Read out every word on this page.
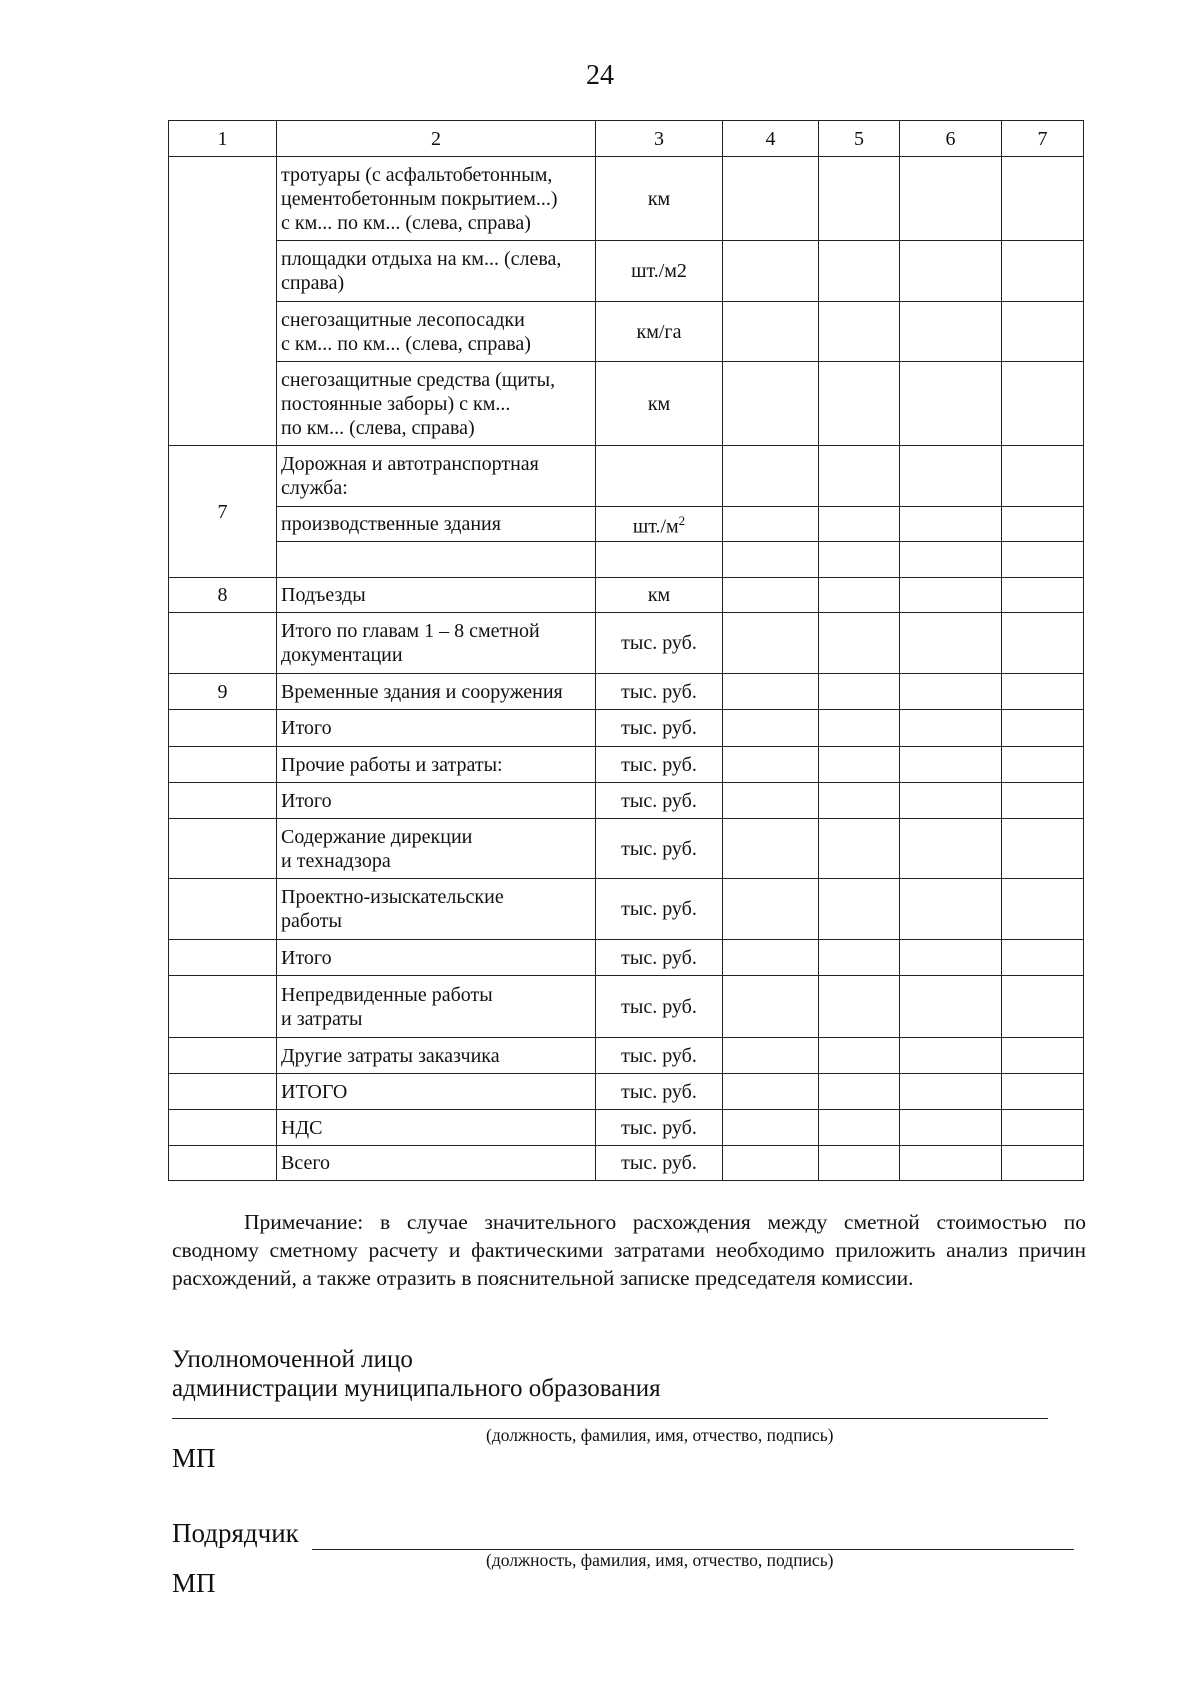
24
1	2	3	4	5	6	7
	тротуары (с асфальтобетонным,
цементобетонным покрытием...)
с км... по км... (слева, справа)	км				
	площадки отдыха на км... (слева,
справа)	шт./м2				
	снегозащитные лесопосадки
с км... по км... (слева, справа)	км/га				
	снегозащитные средства (щиты,
постоянные заборы) с км...
по км... (слева, справа)	км				
7	Дорожная и автотранспортная
служба:					
	производственные здания	$шт./м^2$				

8	Подъезды	км				
	Итого по главам 1 – 8 сметной
документации	тыс. руб.				
9	Временные здания и сооружения	тыс. руб.				
	Итого	тыс. руб.				
	Прочие работы и затраты:	тыс. руб.				
	Итого	тыс. руб.				
	Содержание дирекции
и технадзора	тыс. руб.				
	Проектно-изыскательские
работы	тыс. руб.				
	Итого	тыс. руб.				
	Непредвиденные работы
и затраты	тыс. руб.				
	Другие затраты заказчика	тыс. руб.				
	ИТОГО	тыс. руб.				
	НДС	тыс. руб.				
	Всего	тыс. руб.				
Примечание: в случае значительного расхождения между сметной стоимостью по сводному сметному расчету и фактическими затратами необходимо приложить анализ причин расхождений, а также отразить в пояснительной записке председателя комиссии.
Уполномоченной лицо
администрации муниципального образования
(должность, фамилия, имя, отчество, подпись)
МП
Подрядчик
(должность, фамилия, имя, отчество, подпись)
МП
